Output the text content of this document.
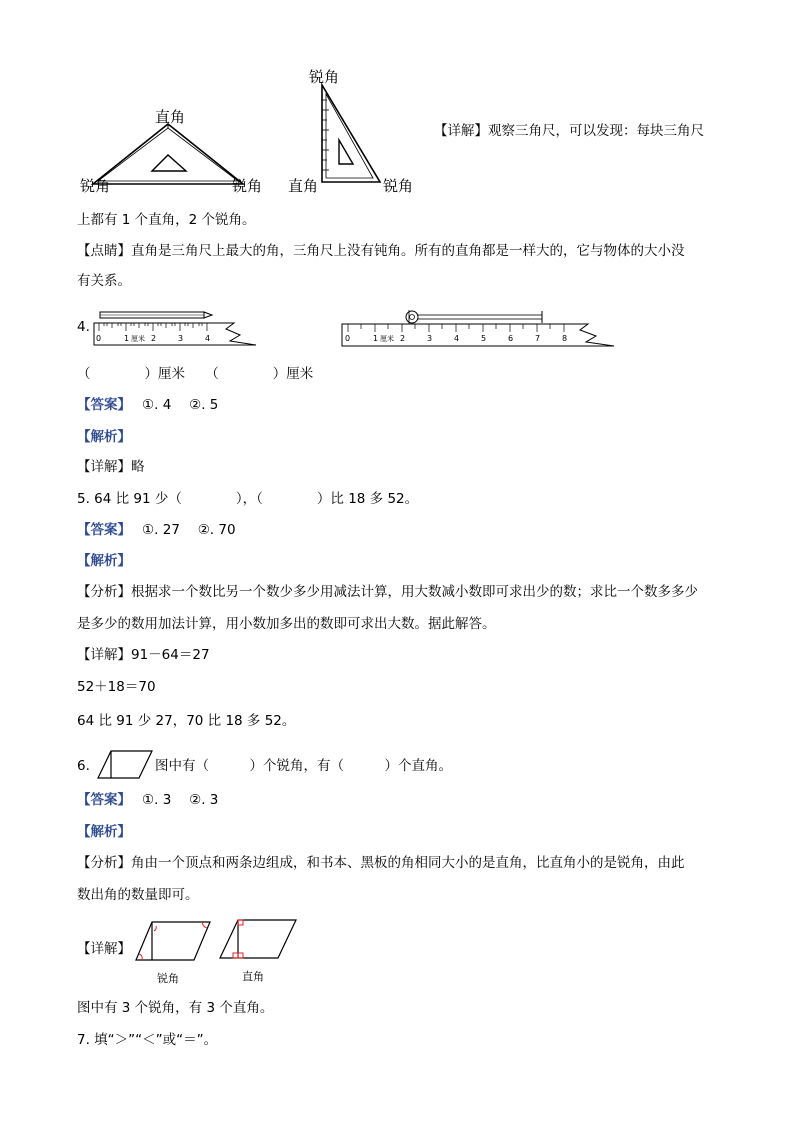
直角
锐角	锐角
锐角
直角	锐角
【详解】观察三角尺，可以发现：每块三角尺
上都有 1 个直角，2 个锐角。
【点睛】直角是三角尺上最大的角，三角尺上没有钝角。所有的直角都是一样大的，它与物体的大小没
有关系。
4.
0	1 厘米 2	3	4	0	1 厘米 2	3	4	5	6	7	8
（　　　　）厘米　　（　　　　）厘米
【答案】　 ①. 4　 ②. 5
【解析】
【详解】略
5. 64 比 91 少（　　　　），（　　　　）比 18 多 52。
【答案】　 ①. 27　 ②. 70
【解析】
【分析】根据求一个数比另一个数少多少用减法计算，用大数减小数即可求出少的数；求比一个数多多少
是多少的数用加法计算，用小数加多出的数即可求出大数。据此解答。
【详解】91－64＝27
52＋18＝70
64 比 91 少 27，70 比 18 多 52。
6.	图中有（　　　）个锐角，有（　　　）个直角。
【答案】　 ①. 3　 ②. 3
【解析】
【分析】角由一个顶点和两条边组成，和书本、黑板的角相同大小的是直角，比直角小的是锐角，由此
数出角的数量即可。
【详解】
锐角	直角
图中有 3 个锐角，有 3 个直角。
7. 填“＞”“＜”或“＝”。
